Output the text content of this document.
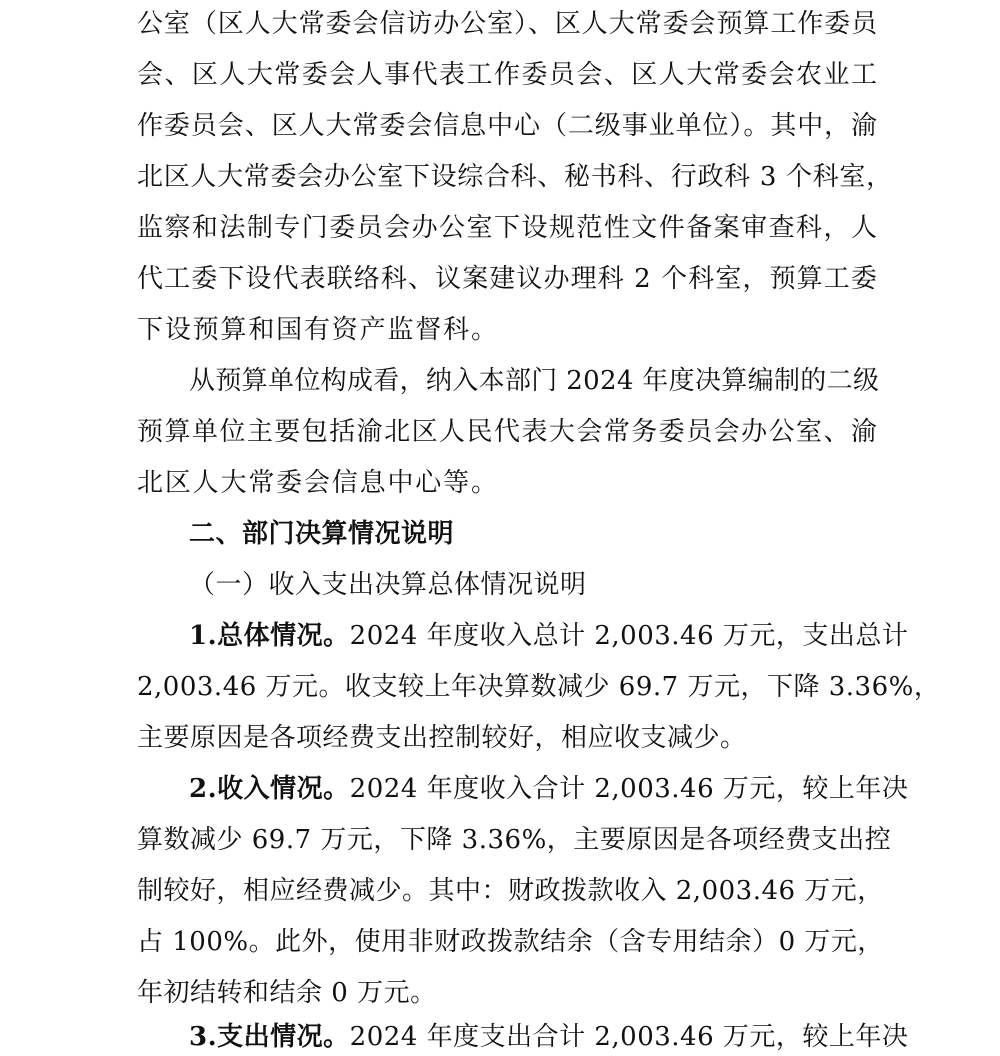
公室（区人大常委会信访办公室）、区人大常委会预算工作委员
会、区人大常委会人事代表工作委员会、区人大常委会农业工
作委员会、区人大常委会信息中心（二级事业单位）。其中，渝
北区人大常委会办公室下设综合科、秘书科、行政科 3 个科室，
监察和法制专门委员会办公室下设规范性文件备案审查科，人
代工委下设代表联络科、议案建议办理科 2 个科室，预算工委
下设预算和国有资产监督科。
从预算单位构成看，纳入本部门 2024 年度决算编制的二级
预算单位主要包括渝北区人民代表大会常务委员会办公室、渝
北区人大常委会信息中心等。
二、部门决算情况说明
（一）收入支出决算总体情况说明
1.总体情况。2024 年度收入总计 2,003.46 万元，支出总计
2,003.46 万元。收支较上年决算数减少 69.7 万元，下降 3.36%，
主要原因是各项经费支出控制较好，相应收支减少。
2.收入情况。2024 年度收入合计 2,003.46 万元，较上年决
算数减少 69.7 万元，下降 3.36%，主要原因是各项经费支出控
制较好，相应经费减少。其中：财政拨款收入 2,003.46 万元，
占 100%。此外，使用非财政拨款结余（含专用结余）0 万元，
年初结转和结余 0 万元。
3.支出情况。2024 年度支出合计 2,003.46 万元，较上年决
